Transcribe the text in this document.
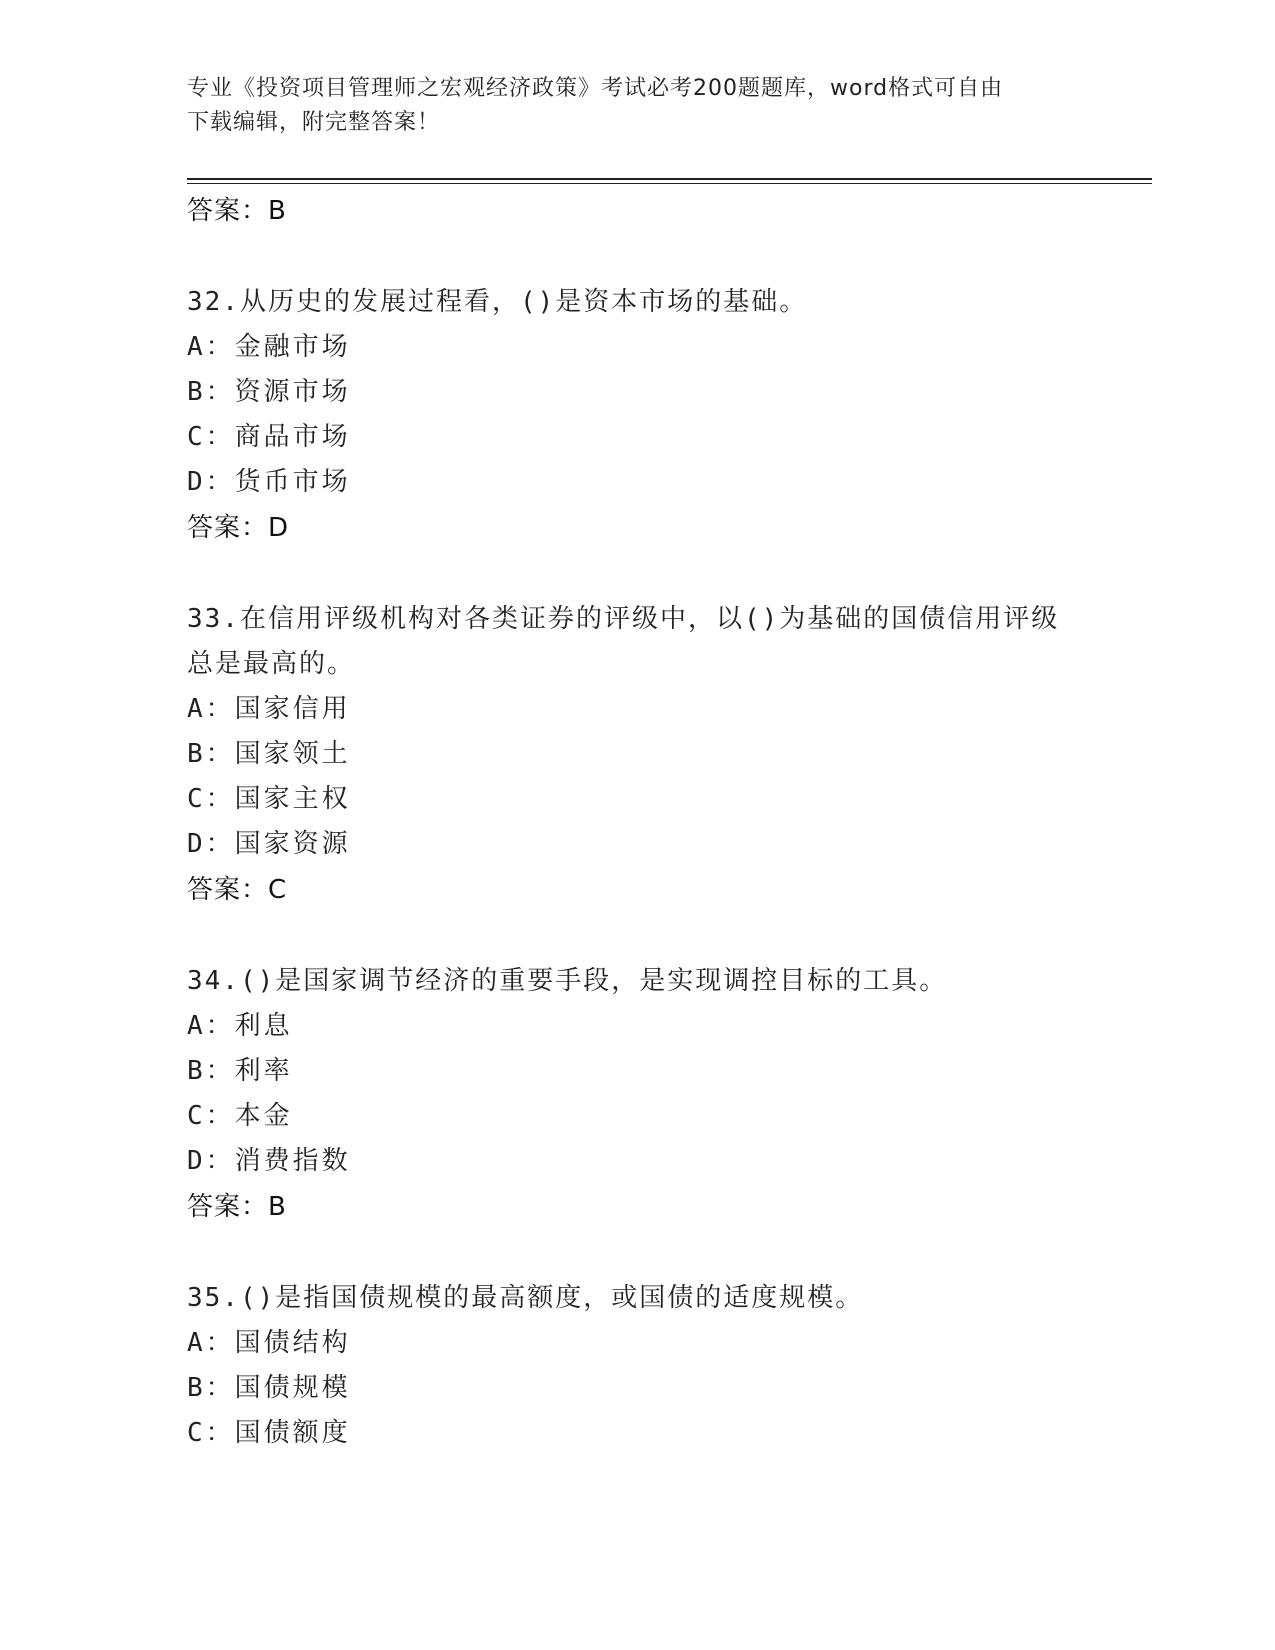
专业《投资项目管理师之宏观经济政策》考试必考200题题库，word格式可自由
下载编辑，附完整答案！
答案：B
32.从历史的发展过程看，()是资本市场的基础。
A：金融市场
B：资源市场
C：商品市场
D：货币市场
答案：D
33.在信用评级机构对各类证券的评级中，以()为基础的国债信用评级
总是最高的。
A：国家信用
B：国家领土
C：国家主权
D：国家资源
答案：C
34.()是国家调节经济的重要手段，是实现调控目标的工具。
A：利息
B：利率
C：本金
D：消费指数
答案：B
35.()是指国债规模的最高额度，或国债的适度规模。
A：国债结构
B：国债规模
C：国债额度
